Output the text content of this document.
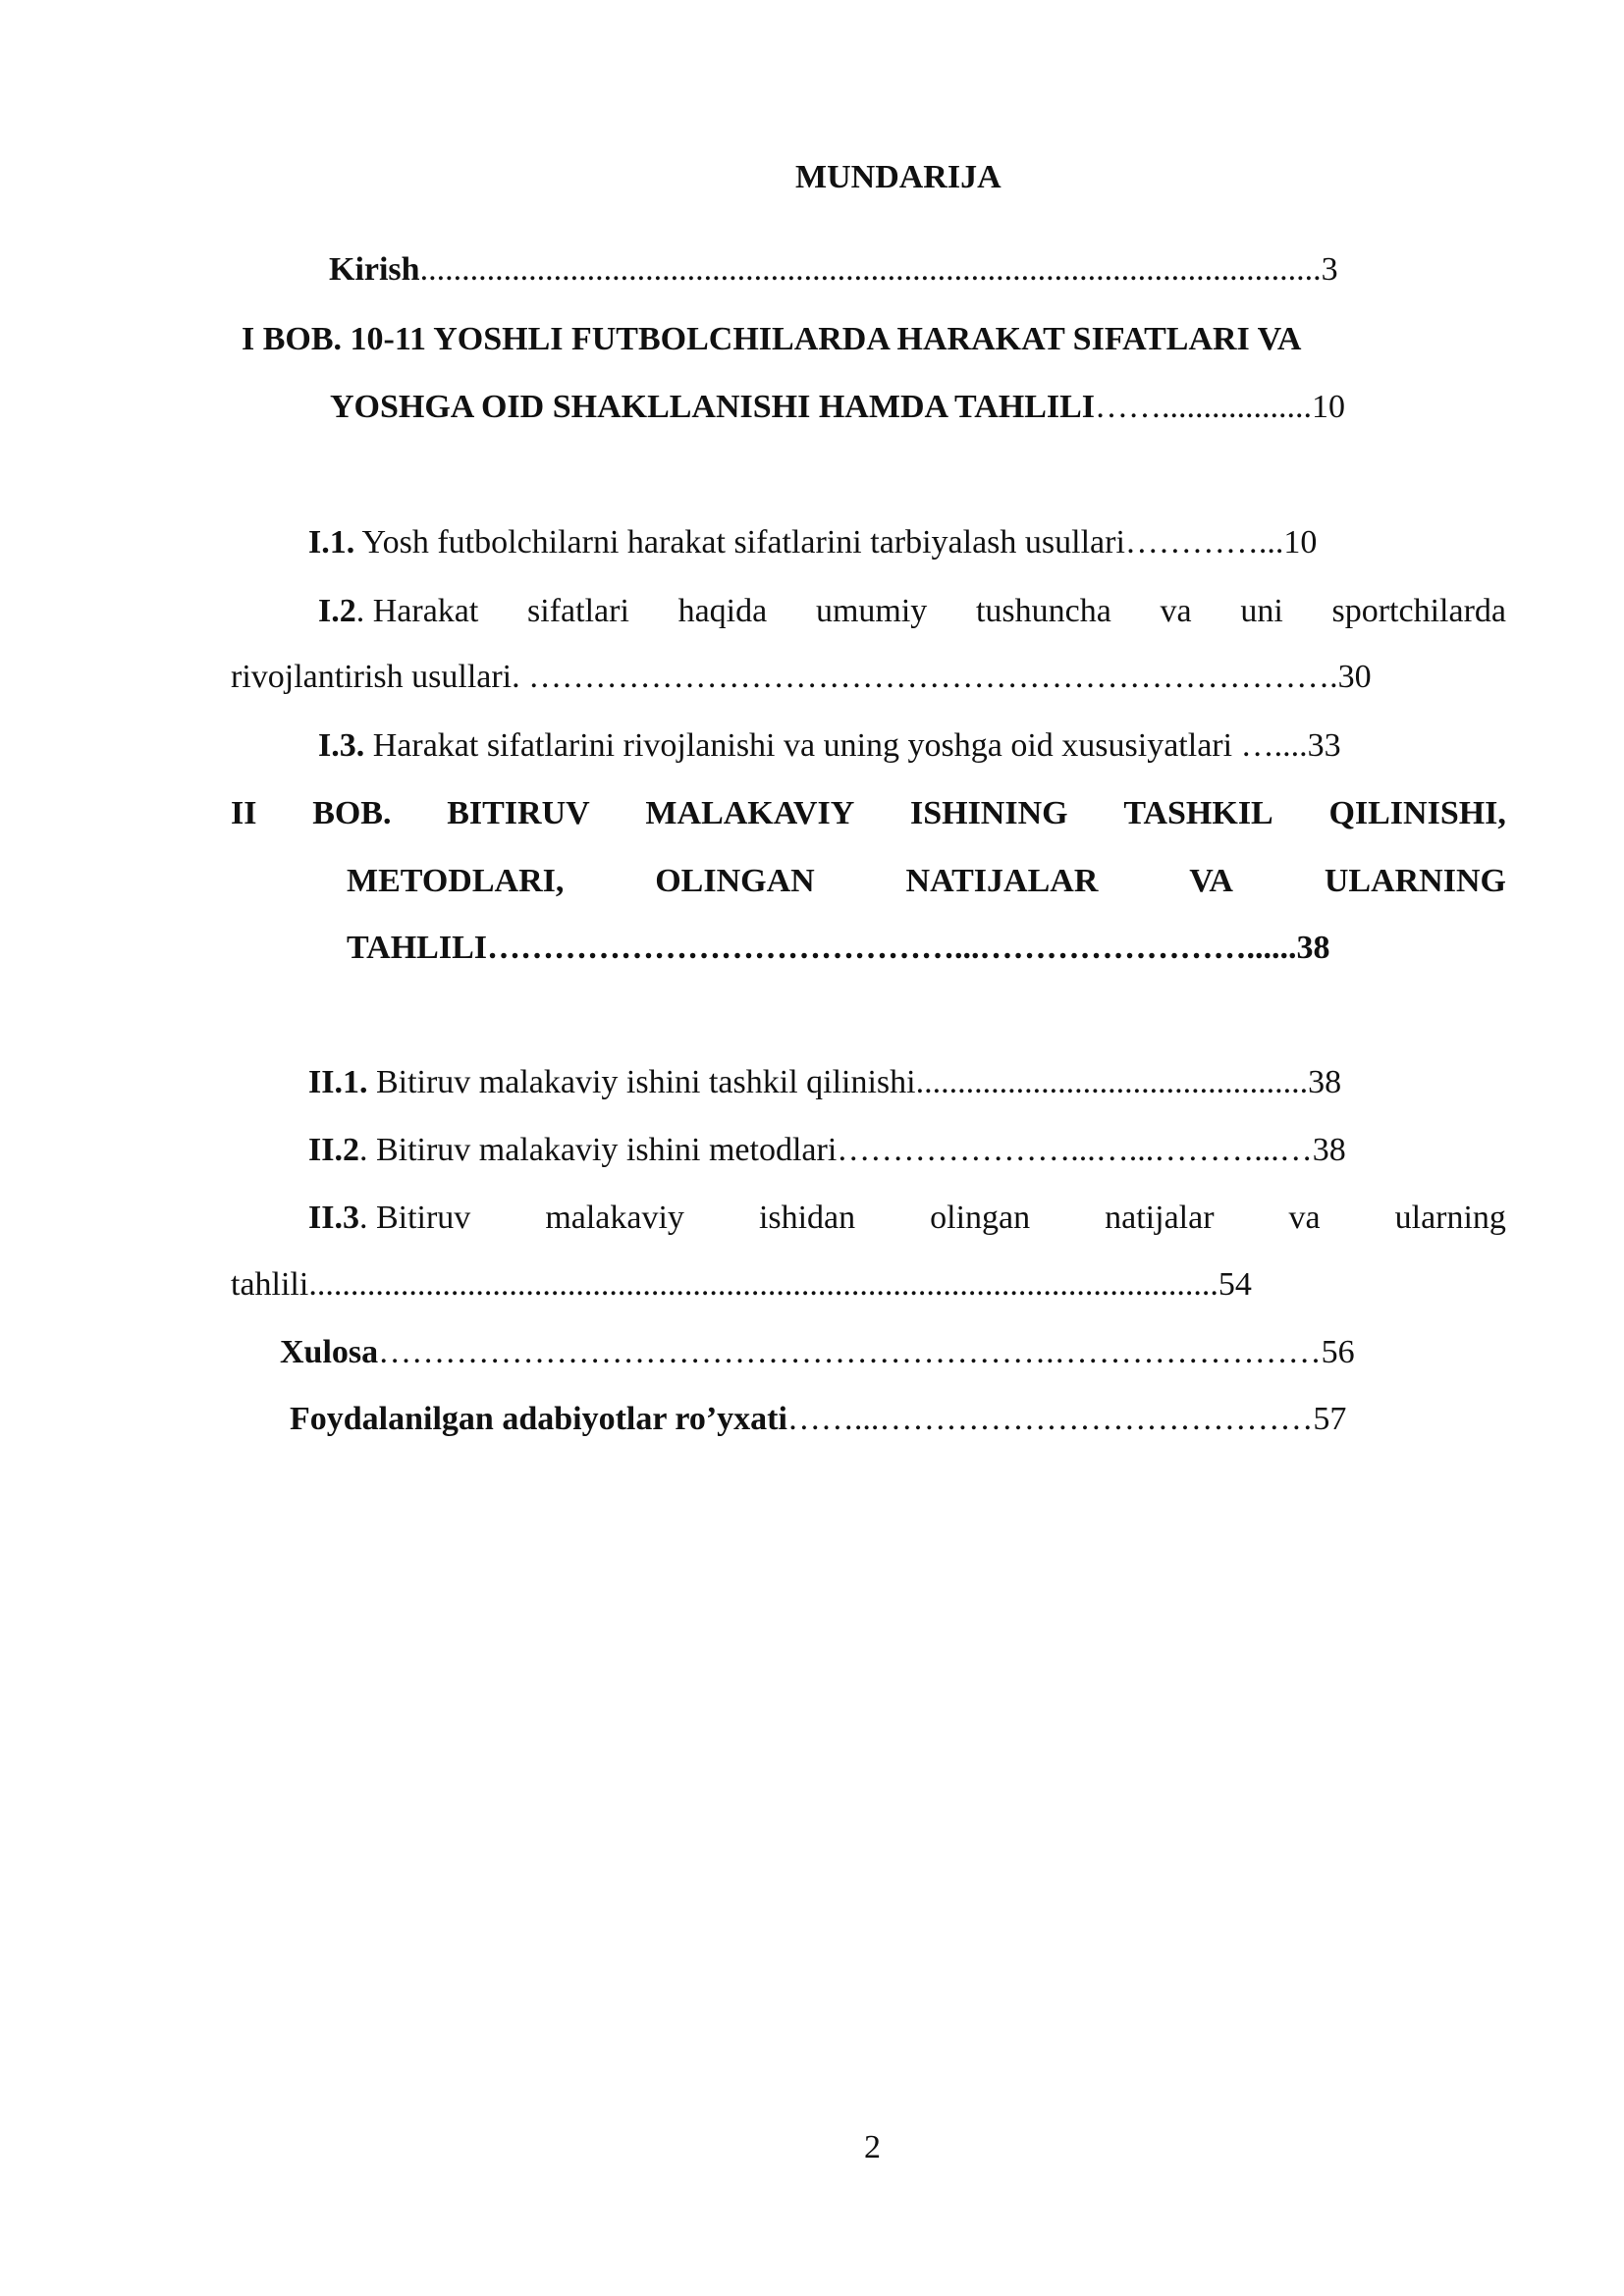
MUNDARIJA
Kirish............................................................................................................3
I BOB. 10-11 YOSHLI FUTBOLCHILARDA HARAKAT SIFATLARI VA
YOSHGA OID SHAKLLANISHI HAMDA TAHLILI……..................10
I.1. Yosh futbolchilarni harakat sifatlarini tarbiyalash usullari…………...10
I.2. Harakat sifatlari haqida umumiy tushuncha va uni sportchilarda
rivojlantirish usullari. ……………………………………………………………….30
I.3. Harakat sifatlarini rivojlanishi va uning yoshga oid xususiyatlari …....33
II BOB. BITIRUV MALAKAVIY ISHINING TASHKIL QILINISHI,
METODLARI,	OLINGAN	NATIJALAR	VA	ULARNING
TAHLILI……………………………………...……………………......38
II.1. Bitiruv malakaviy ishini tashkil qilinishi...............................................38
II.2. Bitiruv malakaviy ishini metodlari…………………...…...………...…38
II.3. Bitiruv malakaviy ishidan olingan natijalar va ularning
tahlili.............................................................................................................54
Xulosa…………………………………………………….……………………56
Foydalanilgan adabiyotlar ro’yxati……...…………………………………57
2
